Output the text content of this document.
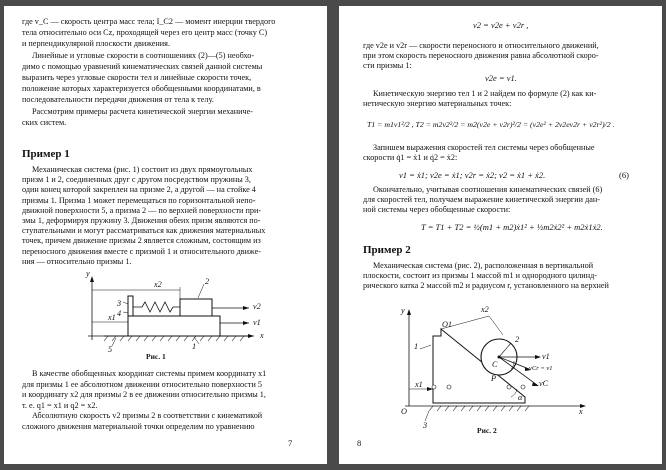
где v_C — скорость центра масс тела; I_C2 — момент инерции твердого
тела относительно оси Cz, проходящей через его центр масс (точку C)
и перпендикулярной плоскости движения.
Линейные и угловые скорости в соотношениях (2)—(5) необхо-
димо с помощью уравнений кинематических связей данной системы
выразить через угловые скорости тел и линейные скорости точек,
положение которых характеризуется обобщенными координатами, в
последовательности передачи движения от тела к телу.
Рассмотрим примеры расчета кинетической энергии механиче-
ских систем.
Механическая система (рис. 1) состоит из двух прямоугольных
призм 1 и 2, соединенных друг с другом посредством пружины 3,
один конец которой закреплен на призме 2, а другой — на стойке 4
призмы 1. Призма 1 может перемещаться по горизонтальной непо-
движной поверхности 5, а призма 2 — по верхней поверхности при-
змы 1, деформируя пружину 3. Движения обеих призм являются по-
ступательными и могут рассматриваться как движения материальных
точек, причем движение призмы 2 является сложным, состоящим из
переносного движения вместе с призмой 1 и относительного движе-
ния — относительно призмы 1.
Пример 1
y
x
x1
x2
3
4
2
1
5
v2
v1
Рис. 1
В качестве обобщенных координат системы примем координату x1
для призмы 1 ее абсолютном движении относительно поверхности 5
и координату x2 для призмы 2 в ее движении относительно призмы 1,
т. е. q1 = x1 и q2 = x2.
Абсолютную скорость v2 призмы 2 в соответствии с кинематикой
сложного движения материальной точки определим по уравнению
7
v2 = v2e + v2r ,
где v2e и v2r — скорости переносного и относительного движений,
при этом скорость переносного движения равна абсолютной скоро-
сти призмы 1:
v2e = v1.
Кинетическую энергию тел 1 и 2 найдем по формуле (2) как ки-
нетическую энергию материальных точек:
T1 = m1v1²/2 , T2 = m2v2²/2 = m2(v2e + v2r)²/2 = (v2e² + 2v2ev2r + v2r²)/2 .
Запишем выражения скоростей тел системы через обобщенные
скорости q̇1 = ẋ1 и q̇2 = ẋ2:
v1 = ẋ1; v2e = ẋ1; v2r = ẋ2; v2 = ẋ1 + ẋ2.	(6)
Окончательно, учитывая соотношения кинематических связей (6)
для скоростей тел, получаем выражение кинетической энергии дан-
ной системы через обобщенные скорости:
T = T1 + T2 = ½(m1 + m2)ẋ1² + ½m2ẋ2² + m2ẋ1ẋ2.
Пример 2
Механическая система (рис. 2), расположенная в вертикальной
плоскости, состоит из призмы 1 массой m1 и однородного цилинд-
рического катка 2 массой m2 и радиусом r, установленного на верхней
y
x
O
O1
x1
x2
1
2
3
P
C
α
vC
v1
vCr = v1
Рис. 2
8
